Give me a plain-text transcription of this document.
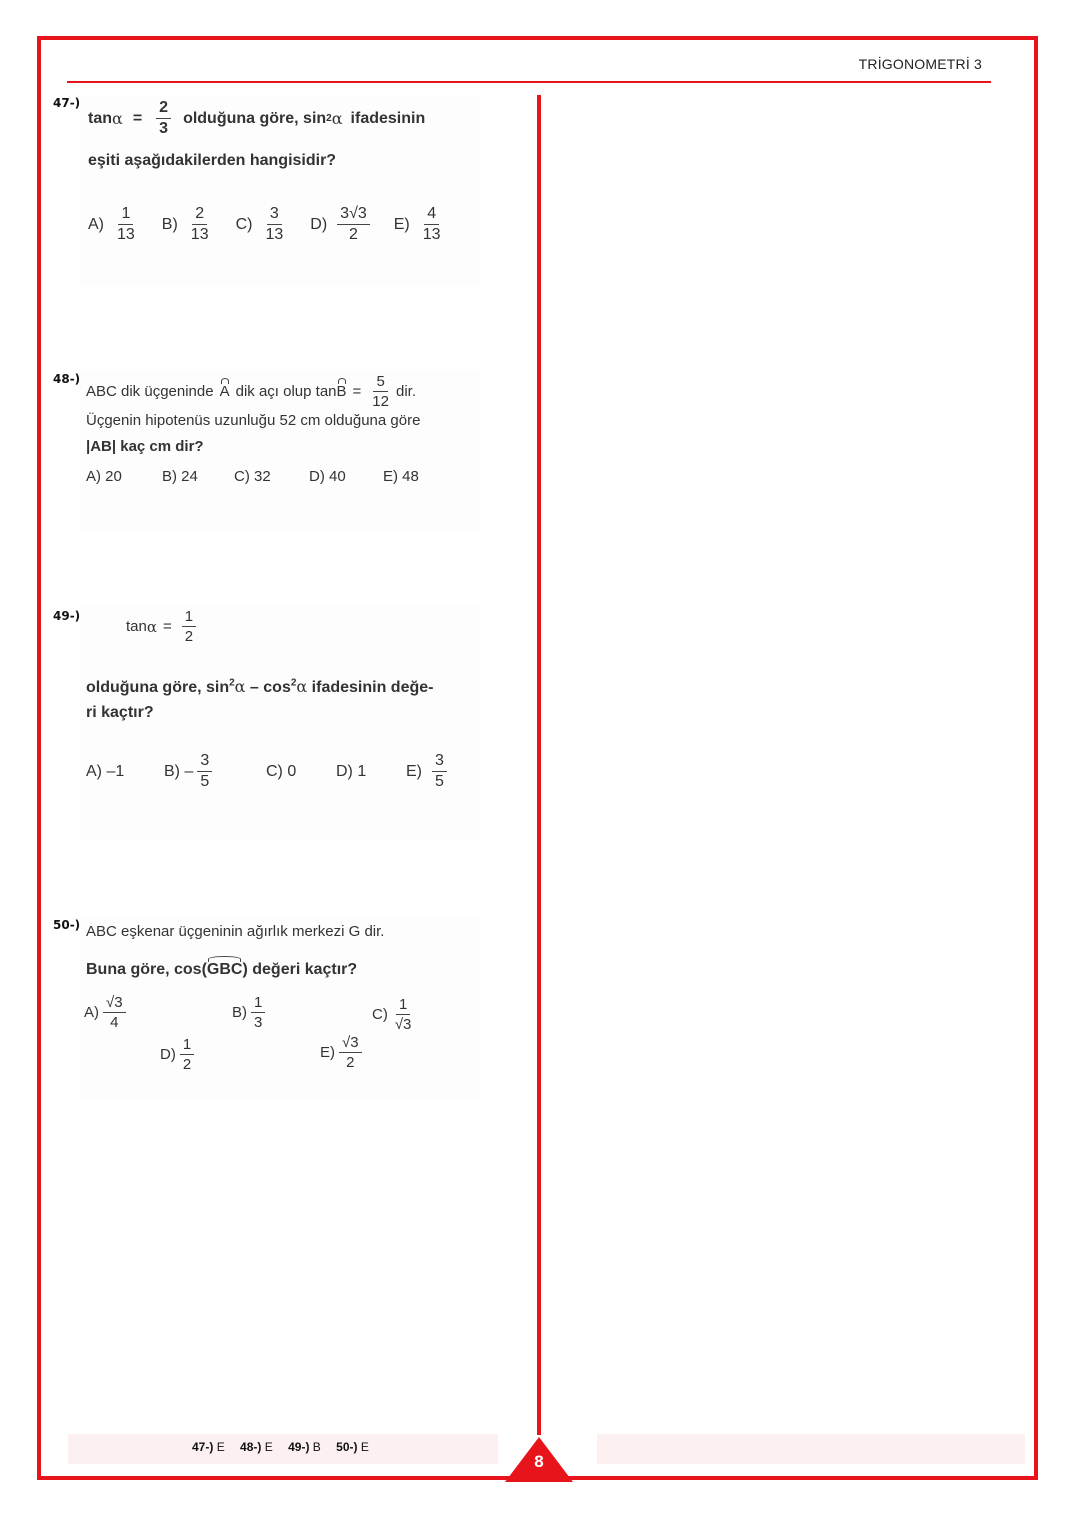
TRİGONOMETRİ 3
47-)
$\tan \alpha = \frac{2}{3}$ olduğuna göre, sin 2 α ifadesinin
eşiti aşağıdakilerden hangisidir?
$A) \frac{1}{13} B) \frac{2}{13} C) \frac{3}{13} D) \frac{3√3}{2} E) \frac{4}{13}$
48-)
ABC dik üçgeninde A dik açı olup $\tan B = \frac{5}{12}$ dir.
Üçgenin hipotenüs uzunluğu 52 cm olduğuna göre
|AB| kaç cm dir?
A) 20	B) 24 C) 32	D) 40 E) 48
49-)
$\tan \alpha = \frac{1}{2}$
olduğuna göre, $\sin^2\alpha - \cos^2\alpha$ ifadesinin değe-
ri kaçtır?
A) –1	$B) - \frac{3}{5}$	C) 0	D) 1	$E) \frac{3}{5}$
50-) ABC eşkenar üçgeninin ağırlık merkezi G dir.
Buna göre, cos(GBC) değeri kaçtır?
$A) \frac{√3}{4}$	$B) \frac{1}{3}$	$C) \frac{1}{√3}$
$D) \frac{1}{2}$	$E) \frac{√3}{2}$
47-) E 48-) E 49-) B 50-) E
8
